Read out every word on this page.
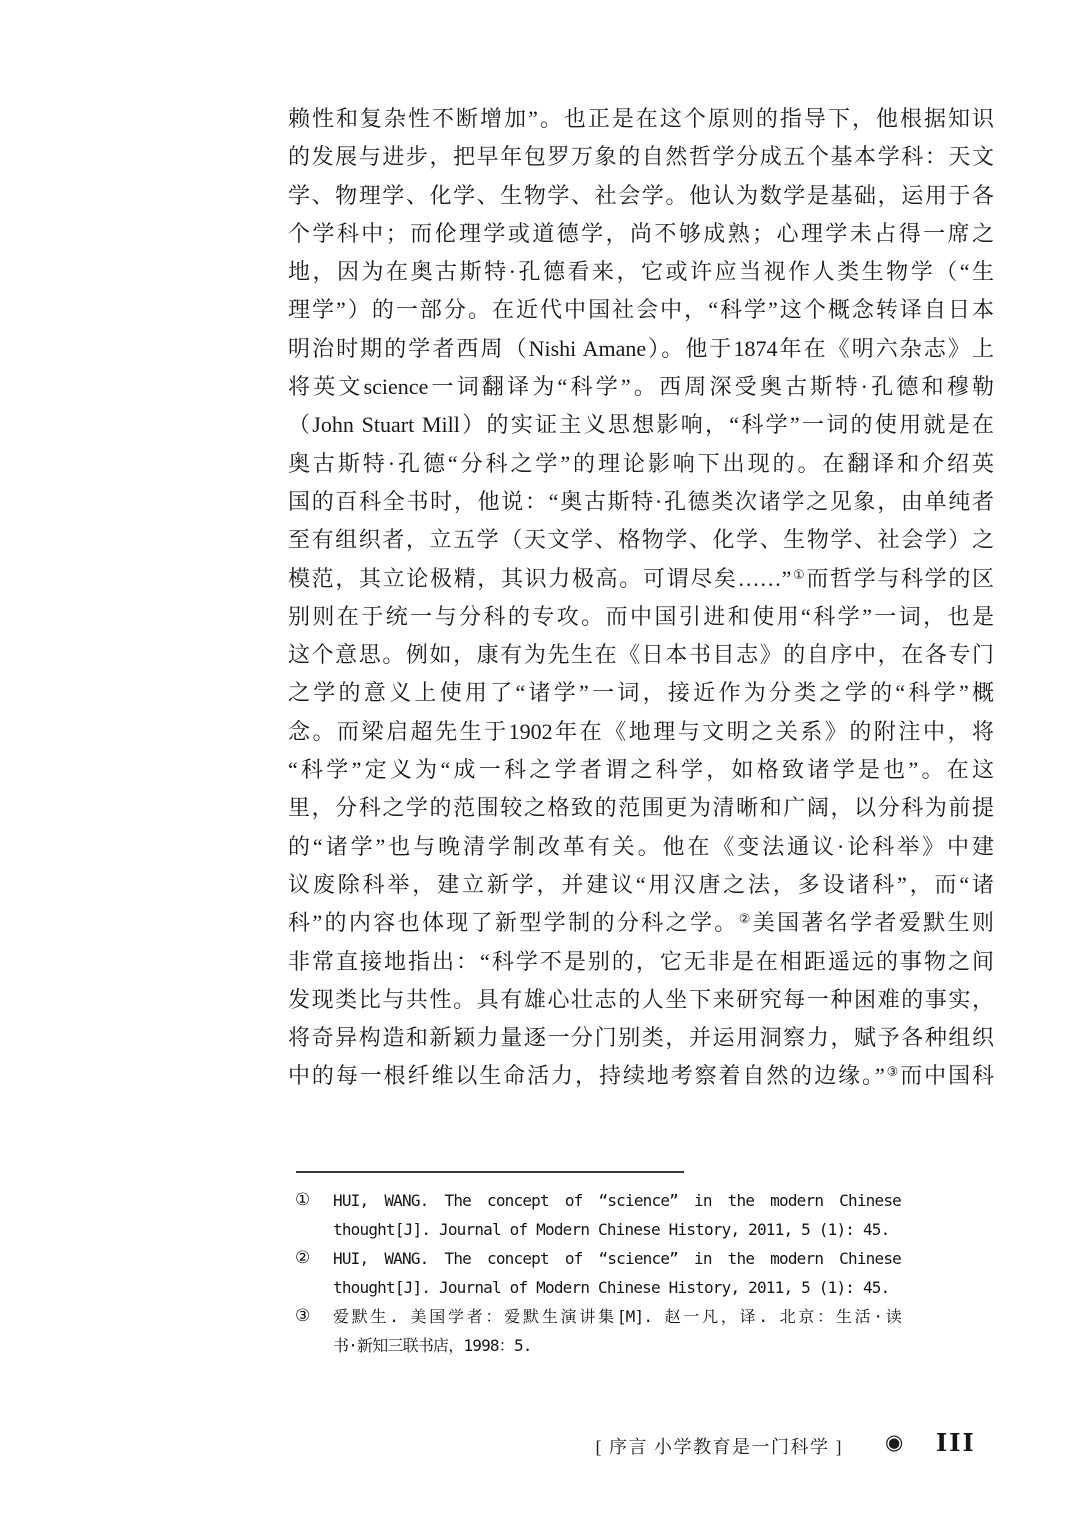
赖性和复杂性不断增加”。也正是在这个原则的指导下，他根据知识
的发展与进步，把早年包罗万象的自然哲学分成五个基本学科：天文
学、物理学、化学、生物学、社会学。他认为数学是基础，运用于各
个学科中；而伦理学或道德学，尚不够成熟；心理学未占得一席之
地，因为在奥古斯特·孔德看来，它或许应当视作人类生物学（“生
理学”）的一部分。在近代中国社会中，“科学”这个概念转译自日本
明治时期的学者西周（Nishi Amane）。他于1874年在《明六杂志》上
将英文science一词翻译为“科学”。西周深受奥古斯特·孔德和穆勒
（John Stuart Mill）的实证主义思想影响，“科学”一词的使用就是在
奥古斯特·孔德“分科之学”的理论影响下出现的。在翻译和介绍英
国的百科全书时，他说：“奥古斯特·孔德类次诸学之见象，由单纯者
至有组织者，立五学（天文学、格物学、化学、生物学、社会学）之
模范，其立论极精，其识力极高。可谓尽矣……”①而哲学与科学的区
别则在于统一与分科的专攻。而中国引进和使用“科学”一词，也是
这个意思。例如，康有为先生在《日本书目志》的自序中，在各专门
之学的意义上使用了“诸学”一词，接近作为分类之学的“科学”概
念。而梁启超先生于1902年在《地理与文明之关系》的附注中，将
“科学”定义为“成一科之学者谓之科学，如格致诸学是也”。在这
里，分科之学的范围较之格致的范围更为清晰和广阔，以分科为前提
的“诸学”也与晚清学制改革有关。他在《变法通议·论科举》中建
议废除科举，建立新学，并建议“用汉唐之法，多设诸科”，而“诸
科”的内容也体现了新型学制的分科之学。②美国著名学者爱默生则
非常直接地指出：“科学不是别的，它无非是在相距遥远的事物之间
发现类比与共性。具有雄心壮志的人坐下来研究每一种困难的事实，
将奇异构造和新颖力量逐一分门别类，并运用洞察力，赋予各种组织
中的每一根纤维以生命活力，持续地考察着自然的边缘。”③而中国科
①	HUI, WANG. The concept of “science” in the modern Chinese
thought[J]. Journal of Modern Chinese History, 2011, 5 (1): 45.
②	HUI, WANG. The concept of “science” in the modern Chinese
thought[J]. Journal of Modern Chinese History, 2011, 5 (1): 45.
③	爱默生. 美国学者：爱默生演讲集[M]. 赵一凡，译. 北京：生活·读
书·新知三联书店，1998：5.
[ 序言 小学教育是一门科学 ] ◉ III
